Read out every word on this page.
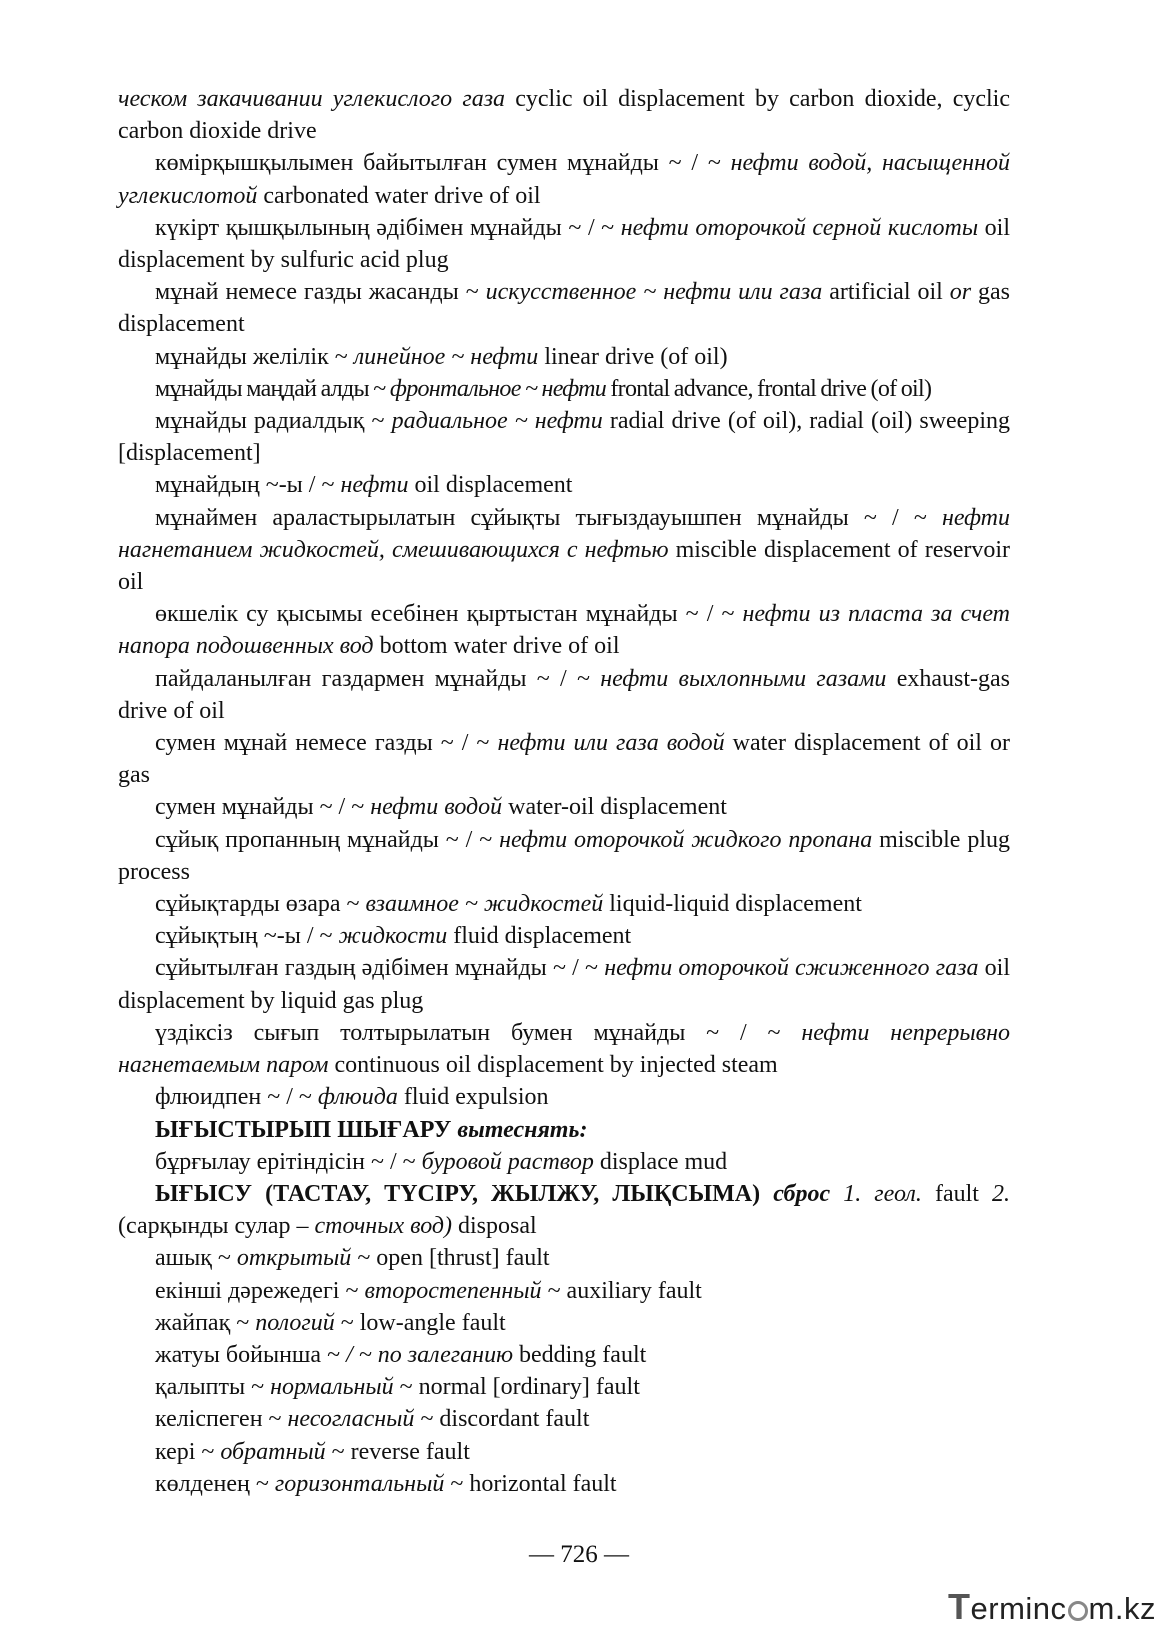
ческом закачивании углекислого газа cyclic oil displacement by carbon dioxide, cyclic carbon dioxide drive

көмірқышқылымен байытылған сумен мұнайды ~ / ~ нефти водой, насыщенной углекислотой carbonated water drive of oil

күкірт қышқылының әдібімен мұнайды ~ / ~ нефти оторочкой серной кислоты oil displacement by sulfuric acid plug

мұнай немесе газды жасанды ~ искусственное ~ нефти или газа artificial oil or gas displacement

мұнайды желілік ~ линейное ~ нефти linear drive (of oil)

мұнайды маңдай алды ~ фронтальное ~ нефти frontal advance, frontal drive (of oil)

мұнайды радиалдық ~ радиальное ~ нефти radial drive (of oil), radial (oil) sweeping [displacement]

мұнайдың ~-ы / ~ нефти oil displacement

мұнаймен араластырылатын сұйықты тығыздауышпен мұнайды ~ / ~ нефти нагнетанием жидкостей, смешивающихся с нефтью miscible displacement of reservoir oil

өкшелік су қысымы есебінен қыртыстан мұнайды ~ / ~ нефти из пласта за счет напора подошвенных вод bottom water drive of oil

пайдаланылған газдармен мұнайды ~ / ~ нефти выхлопными газами exhaust-gas drive of oil

сумен мұнай немесе газды ~ / ~ нефти или газа водой water displacement of oil or gas

сумен мұнайды ~ / ~ нефти водой water-oil displacement

сұйық пропанның мұнайды ~ / ~ нефти оторочкой жидкого пропана miscible plug process

сұйықтарды өзара ~ взаимное ~ жидкостей liquid-liquid displacement

сұйықтың ~-ы / ~ жидкости fluid displacement

сұйытылған газдың әдібімен мұнайды ~ / ~ нефти оторочкой сжиженного газа oil displacement by liquid gas plug

үздіксіз сығып толтырылатын бумен мұнайды ~ / ~ нефти непрерывно нагнетаемым паром continuous oil displacement by injected steam

флюидпен ~ / ~ флюида fluid expulsion

ЫҒЫСТЫРЫП ШЫҒАРУ вытеснять:

бұрғылау ерітіндісін ~ / ~ буровой раствор displace mud

ЫҒЫСУ (ТАСТАУ, ТҮСІРУ, ЖЫЛЖУ, ЛЫҚСЫМА) сброс 1. геол. fault 2. (сарқынды сулар – сточных вод) disposal

ашық ~ открытый ~ open [thrust] fault

екінші дәрежедегі ~ второстепенный ~ auxiliary fault

жайпақ ~ пологий ~ low-angle fault

жатуы бойынша ~ / ~ по залеганию bedding fault

қалыпты ~ нормальный ~ normal [ordinary] fault

келіспеген ~ несогласный ~ discordant fault

кері ~ обратный ~ reverse fault

көлденең ~ горизонтальный ~ horizontal fault

— 726 —
Terminc m.kz
